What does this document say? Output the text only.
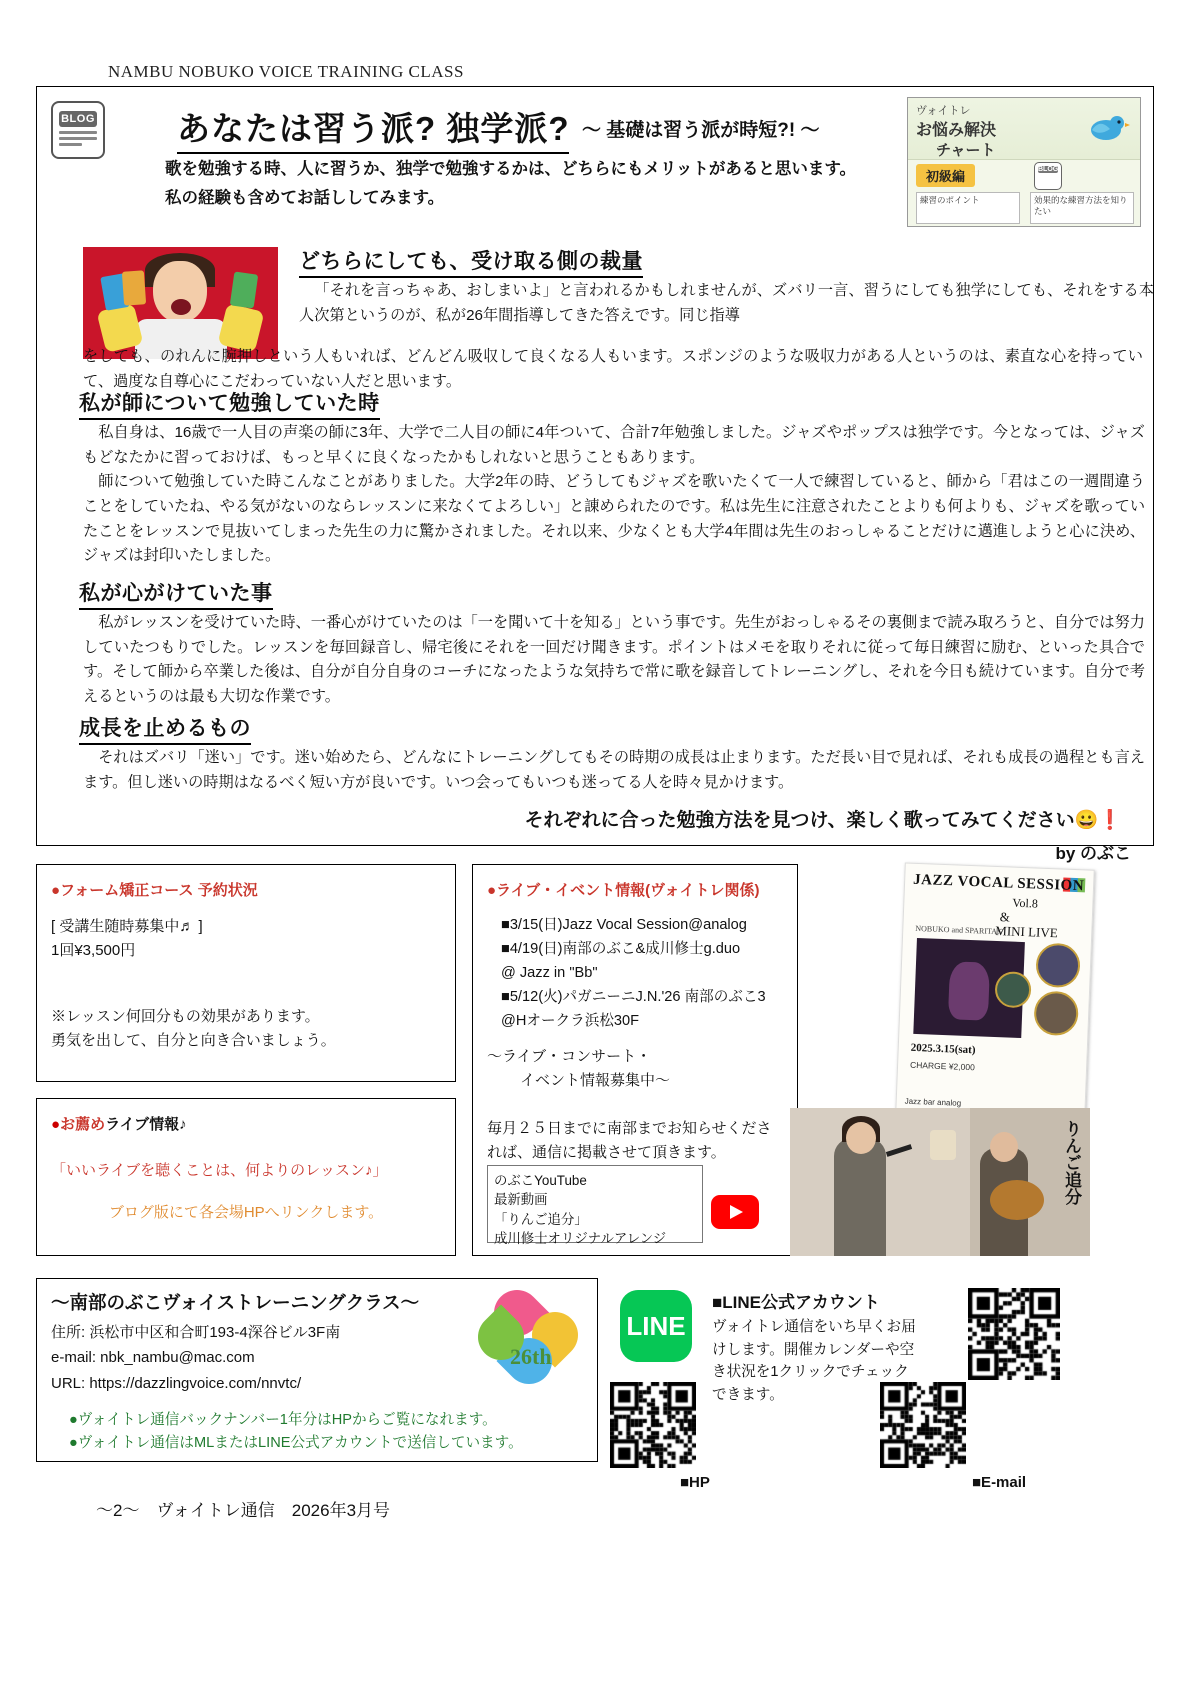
NAMBU NOBUKO VOICE TRAINING CLASS
BLOG あなたは習う派? 独学派? 〜 基礎は習う派が時短?! 〜
歌を勉強する時、人に習うか、独学で勉強するかは、どちらにもメリットがあると思います。私の経験も含めてお話ししてみます。
ヴォイトレ
お悩み解決
チャート
初級編	BLOG
練習のポイント	効果的な練習方法を知りたい
どちらにしても、受け取る側の裁量

「それを言っちゃあ、おしまいよ」と言われるかもしれませんが、ズバリ一言、習うにしても独学にしても、それをする本人次第というのが、私が26年間指導してきた答えです。同じ指導

をしても、のれんに腕押しという人もいれば、どんどん吸収して良くなる人もいます。スポンジのような吸収力がある人というのは、素直な心を持っていて、過度な自尊心にこだわっていない人だと思います。

私が師について勉強していた時

私自身は、16歳で一人目の声楽の師に3年、大学で二人目の師に4年ついて、合計7年勉強しました。ジャズやポップスは独学です。今となっては、ジャズもどなたかに習っておけば、もっと早くに良くなったかもしれないと思うこともあります。

師について勉強していた時こんなことがありました。大学2年の時、どうしてもジャズを歌いたくて一人で練習していると、師から「君はこの一週間違うことをしていたね、やる気がないのならレッスンに来なくてよろしい」と諌められたのです。私は先生に注意されたことよりも何よりも、ジャズを歌っていたことをレッスンで見抜いてしまった先生の力に驚かされました。それ以来、少なくとも大学4年間は先生のおっしゃることだけに邁進しようと心に決め、ジャズは封印いたしました。

私が心がけていた事

私がレッスンを受けていた時、一番心がけていたのは「一を聞いて十を知る」という事です。先生がおっしゃるその裏側まで読み取ろうと、自分では努力していたつもりでした。レッスンを毎回録音し、帰宅後にそれを一回だけ聞きます。ポイントはメモを取りそれに従って毎日練習に励む、といった具合です。そして師から卒業した後は、自分が自分自身のコーチになったような気持ちで常に歌を録音してトレーニングし、それを今日も続けています。自分で考えるというのは最も大切な作業です。

成長を止めるもの

それはズバリ「迷い」です。迷い始めたら、どんなにトレーニングしてもその時期の成長は止まります。ただ長い目で見れば、それも成長の過程とも言えます。但し迷いの時期はなるべく短い方が良いです。いつ会ってもいつも迷ってる人を時々見かけます。

それぞれに合った勉強方法を見つけ、楽しく歌ってみてください😀❗
by のぶこ

●フォーム矯正コース 予約状況

[ 受講生随時募集中♬ ]

1回¥3,500円

※レッスン何回分もの効果があります。

勇気を出して、自分と向き合いましょう。

●お薦めライブ情報♪

「いいライブを聴くことは、何よりのレッスン♪」

ブログ版にて各会場HPへリンクします。

●ライブ・イベント情報(ヴォイトレ関係)

■3/15(日)Jazz Vocal Session@analog
■4/19(日)南部のぶこ&成川修士g.duo
@ Jazz in "Bb"
■5/12(火)パガニーニJ.N.'26 南部のぶこ3
@Hオークラ浜松30F

〜ライブ・コンサート・

イベント情報募集中〜

毎月２５日までに南部までお知らせくだされば、通信に掲載させて頂きます。

のぶこYouTube
最新動画
「りんご追分」
成川修士オリジナルアレンジ
JAZZ VOCAL SESSION
Vol.8
&
MINI LIVE
NOBUKO and SPARITA!?
2025.3.15(sat)
CHARGE ¥2,000
Jazz bar analog
りんご追分

〜南部のぶこヴォイストレーニングクラス〜

住所: 浜松市中区和合町193-4深谷ビル3F南

e-mail: nbk_nambu@mac.com

URL: https://dazzlingvoice.com/nnvtc/

●ヴォイトレ通信バックナンバー1年分はHPからご覧になれます。

●ヴォイトレ通信はMLまたはLINE公式アカウントで送信しています。

26th
LINE
■LINE公式アカウント
ヴォイトレ通信をいち早くお届けします。開催カレンダーや空き状況を1クリックでチェックできます。
■HP	■E-mail
〜2〜　ヴォイトレ通信　2026年3月号
